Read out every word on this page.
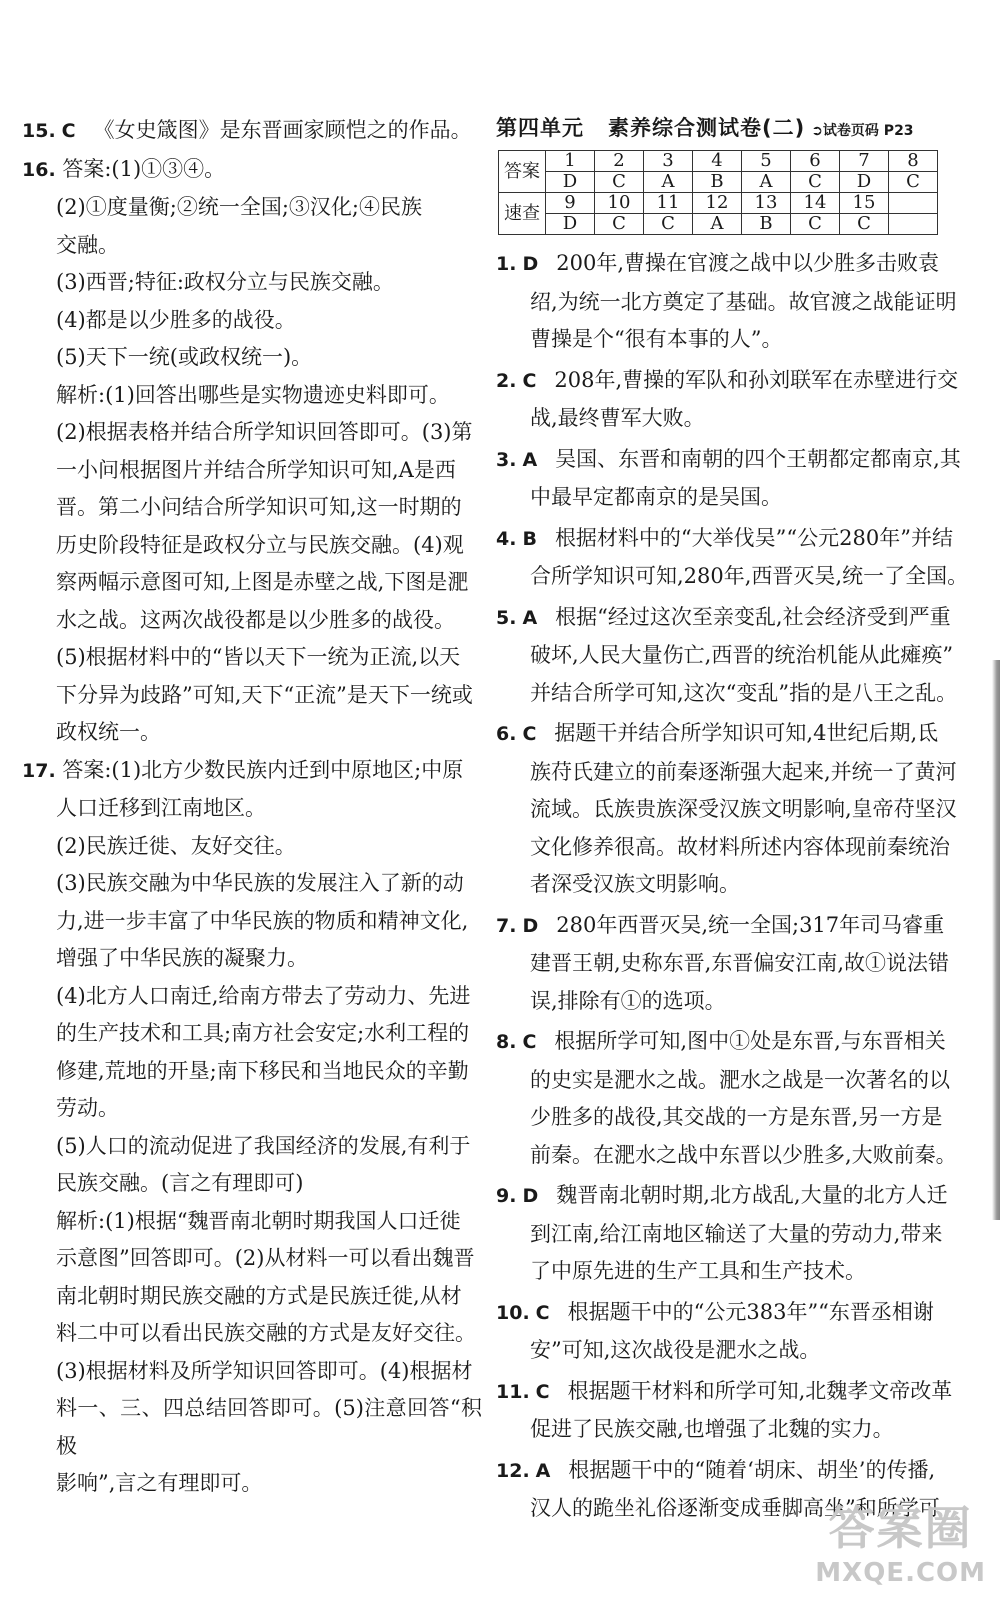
15. C 《女史箴图》是东晋画家顾恺之的作品。

16. 答案:(1)①③④。

(2)①度量衡;②统一全国;③汉化;④民族

交融。

(3)西晋;特征:政权分立与民族交融。

(4)都是以少胜多的战役。

(5)天下一统(或政权统一)。

解析:(1)回答出哪些是实物遗迹史料即可。

(2)根据表格并结合所学知识回答即可。(3)第

一小问根据图片并结合所学知识可知,A是西

晋。第二小问结合所学知识可知,这一时期的

历史阶段特征是政权分立与民族交融。(4)观

察两幅示意图可知,上图是赤壁之战,下图是淝

水之战。这两次战役都是以少胜多的战役。

(5)根据材料中的“皆以天下一统为正流,以天

下分异为歧路”可知,天下“正流”是天下一统或

政权统一。

17. 答案:(1)北方少数民族内迁到中原地区;中原

人口迁移到江南地区。

(2)民族迁徙、友好交往。

(3)民族交融为中华民族的发展注入了新的动

力,进一步丰富了中华民族的物质和精神文化,

增强了中华民族的凝聚力。

(4)北方人口南迁,给南方带去了劳动力、先进

的生产技术和工具;南方社会安定;水利工程的

修建,荒地的开垦;南下移民和当地民众的辛勤

劳动。

(5)人口的流动促进了我国经济的发展,有利于

民族交融。(言之有理即可)

解析:(1)根据“魏晋南北朝时期我国人口迁徙

示意图”回答即可。(2)从材料一可以看出魏晋

南北朝时期民族交融的方式是民族迁徙,从材

料二中可以看出民族交融的方式是友好交往。

(3)根据材料及所学知识回答即可。(4)根据材

料一、三、四总结回答即可。(5)注意回答“积极

影响”,言之有理即可。

第四单元 素养综合测试卷(二) ➲试卷页码 P23
答案	1	2	3	4	5	6	7	8
	D	C	A	B	A	C	D	C
速查	9	10	11	12	13	14	15	
	D	C	C	A	B	C	C	

1. D 200年,曹操在官渡之战中以少胜多击败袁

绍,为统一北方奠定了基础。故官渡之战能证明

曹操是个“很有本事的人”。

2. C 208年,曹操的军队和孙刘联军在赤壁进行交

战,最终曹军大败。

3. A 吴国、东晋和南朝的四个王朝都定都南京,其

中最早定都南京的是吴国。

4. B 根据材料中的“大举伐吴”“公元280年”并结

合所学知识可知,280年,西晋灭吴,统一了全国。

5. A 根据“经过这次至亲变乱,社会经济受到严重

破坏,人民大量伤亡,西晋的统治机能从此瘫痪”

并结合所学可知,这次“变乱”指的是八王之乱。

6. C 据题干并结合所学知识可知,4世纪后期,氐

族苻氏建立的前秦逐渐强大起来,并统一了黄河

流域。氐族贵族深受汉族文明影响,皇帝苻坚汉

文化修养很高。故材料所述内容体现前秦统治

者深受汉族文明影响。

7. D 280年西晋灭吴,统一全国;317年司马睿重

建晋王朝,史称东晋,东晋偏安江南,故①说法错

误,排除有①的选项。

8. C 根据所学可知,图中①处是东晋,与东晋相关

的史实是淝水之战。淝水之战是一次著名的以

少胜多的战役,其交战的一方是东晋,另一方是

前秦。在淝水之战中东晋以少胜多,大败前秦。

9. D 魏晋南北朝时期,北方战乱,大量的北方人迁

到江南,给江南地区输送了大量的劳动力,带来

了中原先进的生产工具和生产技术。

10. C 根据题干中的“公元383年”“东晋丞相谢

安”可知,这次战役是淝水之战。

11. C 根据题干材料和所学可知,北魏孝文帝改革

促进了民族交融,也增强了北魏的实力。

12. A 根据题干中的“随着‘胡床、胡坐’的传播,

汉人的跪坐礼俗逐渐变成垂脚高坐”和所学可

答案圈
MXQE.COM
